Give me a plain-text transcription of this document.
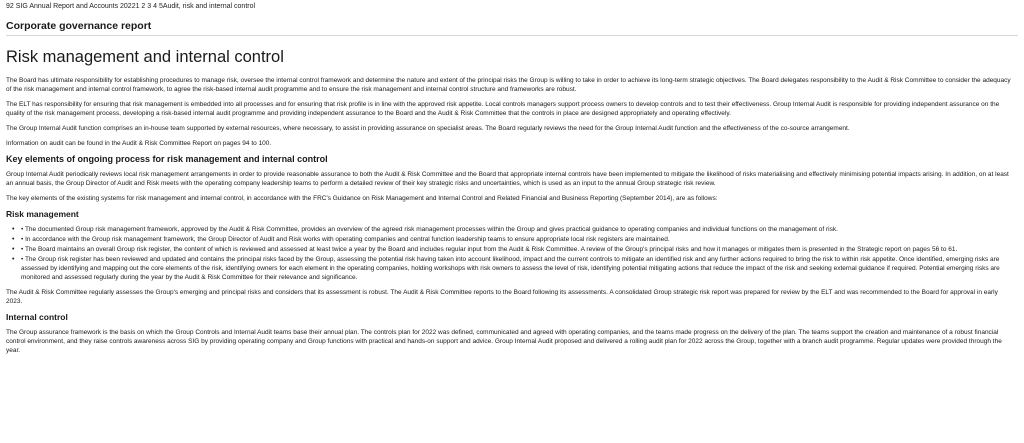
92 SIG Annual Report and Accounts 20221 2 3 4 5Audit, risk and internal control
Corporate governance report
Risk management and internal control

The Board has ultimate responsibility for establishing procedures to manage risk, oversee the internal control framework and determine the nature and extent of the principal risks the Group is willing to take in order to achieve its long-term strategic objectives. The Board delegates responsibility to the Audit & Risk Committee to consider the adequacy of the risk management and internal control framework, to agree the risk-based internal audit programme and to ensure the risk management and internal control structure and frameworks are robust.

The ELT has responsibility for ensuring that risk management is embedded into all processes and for ensuring that risk profile is in line with the approved risk appetite. Local controls managers support process owners to develop controls and to test their effectiveness. Group Internal Audit is responsible for providing independent assurance on the quality of the risk management process, developing a risk-based internal audit programme and providing independent assurance to the Board and the Audit & Risk Committee that the controls in place are designed appropriately and operating effectively.

The Group Internal Audit function comprises an in-house team supported by external resources, where necessary, to assist in providing assurance on specialist areas. The Board regularly reviews the need for the Group Internal Audit function and the effectiveness of the co-source arrangement.

Information on audit can be found in the Audit & Risk Committee Report on pages 94 to 100.

Key elements of ongoing process for risk management and internal control

Group Internal Audit periodically reviews local risk management arrangements in order to provide reasonable assurance to both the Audit & Risk Committee and the Board that appropriate internal controls have been implemented to mitigate the likelihood of risks materialising and effectively minimising potential impacts arising. In addition, on at least an annual basis, the Group Director of Audit and Risk meets with the operating company leadership teams to perform a detailed review of their key strategic risks and uncertainties, which is used as an input to the annual Group strategic risk review.

The key elements of the existing systems for risk management and internal control, in accordance with the FRC's Guidance on Risk Management and Internal Control and Related Financial and Business Reporting (September 2014), are as follows:

Risk management
• • The documented Group risk management framework, approved by the Audit & Risk Committee, provides an overview of the agreed risk management processes within the Group and gives practical guidance to operating companies and individual functions on the management of risk.
• • In accordance with the Group risk management framework, the Group Director of Audit and Risk works with operating companies and central function leadership teams to ensure appropriate local risk registers are maintained.
• • The Board maintains an overall Group risk register, the content of which is reviewed and assessed at least twice a year by the Board and includes regular input from the Audit & Risk Committee. A review of the Group's principal risks and how it manages or mitigates them is presented in the Strategic report on pages 56 to 61.
• • The Group risk register has been reviewed and updated and contains the principal risks faced by the Group, assessing the potential risk having taken into account likelihood, impact and the current controls to mitigate an identified risk and any further actions required to bring the risk to within risk appetite. Once identified, emerging risks are assessed by identifying and mapping out the core elements of the risk, identifying owners for each element in the operating companies, holding workshops with risk owners to assess the level of risk, identifying potential mitigating actions that reduce the impact of the risk and seeking external guidance if required. Potential emerging risks are monitored and assessed regularly during the year by the Audit & Risk Committee for their relevance and significance.

The Audit & Risk Committee regularly assesses the Group's emerging and principal risks and considers that its assessment is robust. The Audit & Risk Committee reports to the Board following its assessments. A consolidated Group strategic risk report was prepared for review by the ELT and was recommended to the Board for approval in early 2023.

Internal control

The Group assurance framework is the basis on which the Group Controls and Internal Audit teams base their annual plan. The controls plan for 2022 was defined, communicated and agreed with operating companies, and the teams made progress on the delivery of the plan. The teams support the creation and maintenance of a robust financial control environment, and they raise controls awareness across SIG by providing operating company and Group functions with practical and hands-on support and advice. Group Internal Audit proposed and delivered a rolling audit plan for 2022 across the Group, together with a branch audit programme. Regular updates were provided through the year.
